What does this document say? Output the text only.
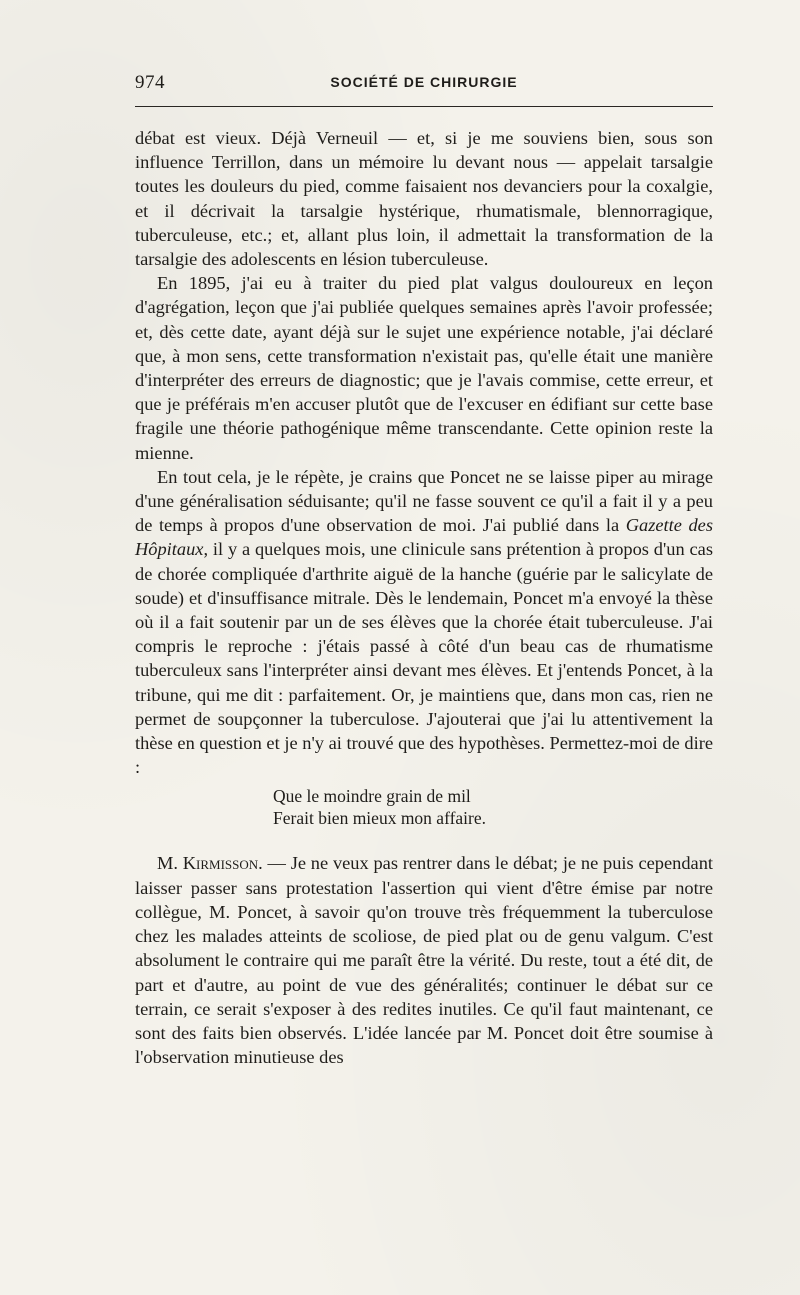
974	SOCIÉTÉ DE CHIRURGIE

débat est vieux. Déjà Verneuil — et, si je me souviens bien, sous son influence Terrillon, dans un mémoire lu devant nous — appelait tarsalgie toutes les douleurs du pied, comme faisaient nos devanciers pour la coxalgie, et il décrivait la tarsalgie hystérique, rhumatismale, blennorragique, tuberculeuse, etc.; et, allant plus loin, il admettait la transformation de la tarsalgie des adolescents en lésion tuberculeuse.

En 1895, j'ai eu à traiter du pied plat valgus douloureux en leçon d'agrégation, leçon que j'ai publiée quelques semaines après l'avoir professée; et, dès cette date, ayant déjà sur le sujet une expérience notable, j'ai déclaré que, à mon sens, cette transformation n'existait pas, qu'elle était une manière d'interpréter des erreurs de diagnostic; que je l'avais commise, cette erreur, et que je préférais m'en accuser plutôt que de l'excuser en édifiant sur cette base fragile une théorie pathogénique même transcendante. Cette opinion reste la mienne.

En tout cela, je le répète, je crains que Poncet ne se laisse piper au mirage d'une généralisation séduisante; qu'il ne fasse souvent ce qu'il a fait il y a peu de temps à propos d'une observation de moi. J'ai publié dans la Gazette des Hôpitaux, il y a quelques mois, une clinicule sans prétention à propos d'un cas de chorée compliquée d'arthrite aiguë de la hanche (guérie par le salicylate de soude) et d'insuffisance mitrale. Dès le lendemain, Poncet m'a envoyé la thèse où il a fait soutenir par un de ses élèves que la chorée était tuberculeuse. J'ai compris le reproche : j'étais passé à côté d'un beau cas de rhumatisme tuberculeux sans l'interpréter ainsi devant mes élèves. Et j'entends Poncet, à la tribune, qui me dit : parfaitement. Or, je maintiens que, dans mon cas, rien ne permet de soupçonner la tuberculose. J'ajouterai que j'ai lu attentivement la thèse en question et je n'y ai trouvé que des hypothèses. Permettez-moi de dire :

Que le moindre grain de mil
Ferait bien mieux mon affaire.

M. Kirmisson. — Je ne veux pas rentrer dans le débat; je ne puis cependant laisser passer sans protestation l'assertion qui vient d'être émise par notre collègue, M. Poncet, à savoir qu'on trouve très fréquemment la tuberculose chez les malades atteints de scoliose, de pied plat ou de genu valgum. C'est absolument le contraire qui me paraît être la vérité. Du reste, tout a été dit, de part et d'autre, au point de vue des généralités; continuer le débat sur ce terrain, ce serait s'exposer à des redites inutiles. Ce qu'il faut maintenant, ce sont des faits bien observés. L'idée lancée par M. Poncet doit être soumise à l'observation minutieuse des
